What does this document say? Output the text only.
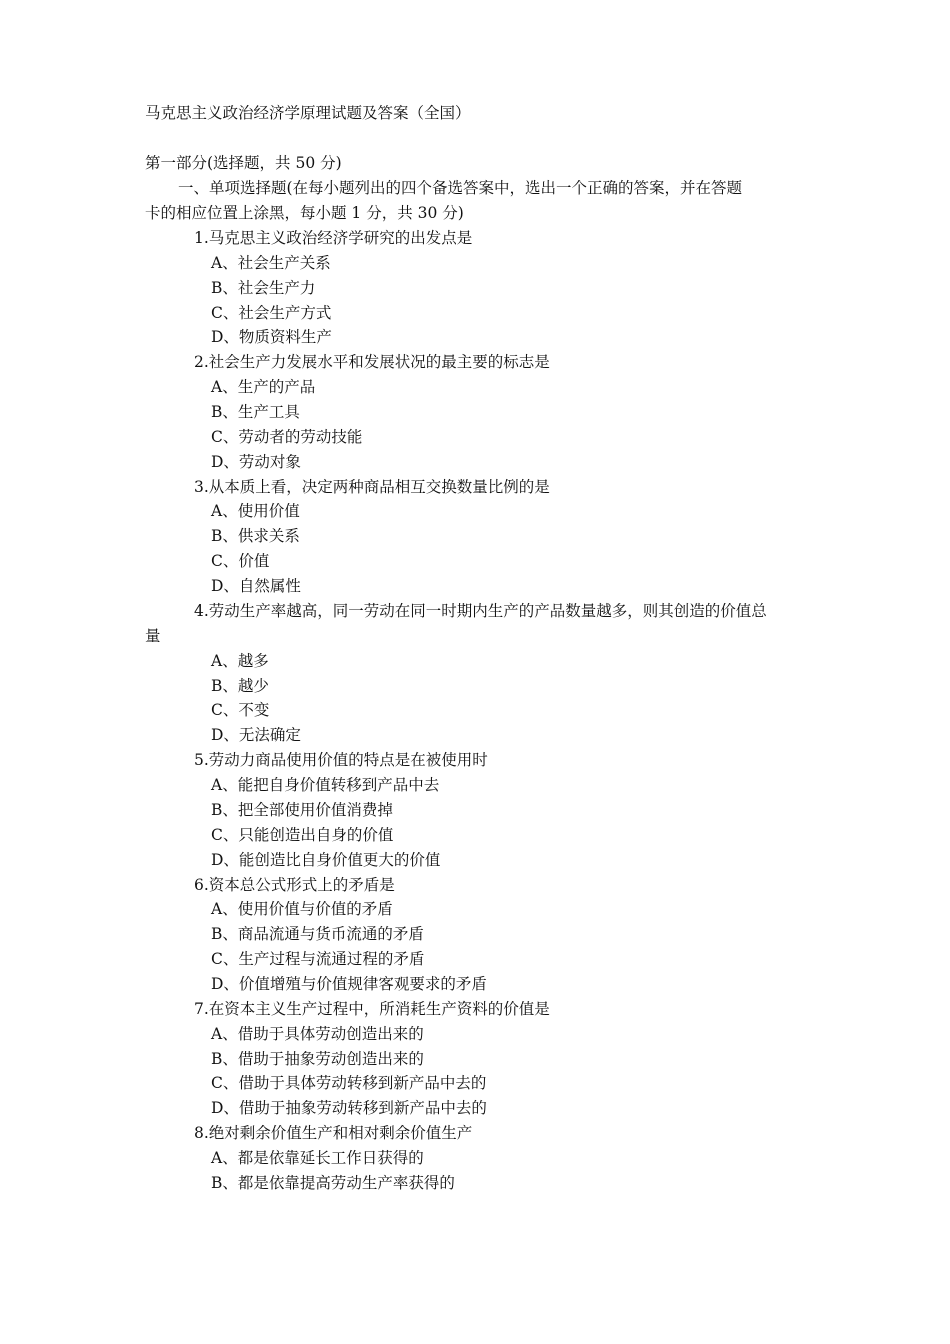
马克思主义政治经济学原理试题及答案（全国）
第一部分(选择题，共 50 分)
一、单项选择题(在每小题列出的四个备选答案中，选出一个正确的答案，并在答题
卡的相应位置上涂黑，每小题 1 分，共 30 分)
1.马克思主义政治经济学研究的出发点是
A、社会生产关系
B、社会生产力
C、社会生产方式
D、物质资料生产
2.社会生产力发展水平和发展状况的最主要的标志是
A、生产的产品
B、生产工具
C、劳动者的劳动技能
D、劳动对象
3.从本质上看，决定两种商品相互交换数量比例的是
A、使用价值
B、供求关系
C、价值
D、自然属性
4.劳动生产率越高，同一劳动在同一时期内生产的产品数量越多，则其创造的价值总
量
A、越多
B、越少
C、不变
D、无法确定
5.劳动力商品使用价值的特点是在被使用时
A、能把自身价值转移到产品中去
B、把全部使用价值消费掉
C、只能创造出自身的价值
D、能创造比自身价值更大的价值
6.资本总公式形式上的矛盾是
A、使用价值与价值的矛盾
B、商品流通与货币流通的矛盾
C、生产过程与流通过程的矛盾
D、价值增殖与价值规律客观要求的矛盾
7.在资本主义生产过程中，所消耗生产资料的价值是
A、借助于具体劳动创造出来的
B、借助于抽象劳动创造出来的
C、借助于具体劳动转移到新产品中去的
D、借助于抽象劳动转移到新产品中去的
8.绝对剩余价值生产和相对剩余价值生产
A、都是依靠延长工作日获得的
B、都是依靠提高劳动生产率获得的
